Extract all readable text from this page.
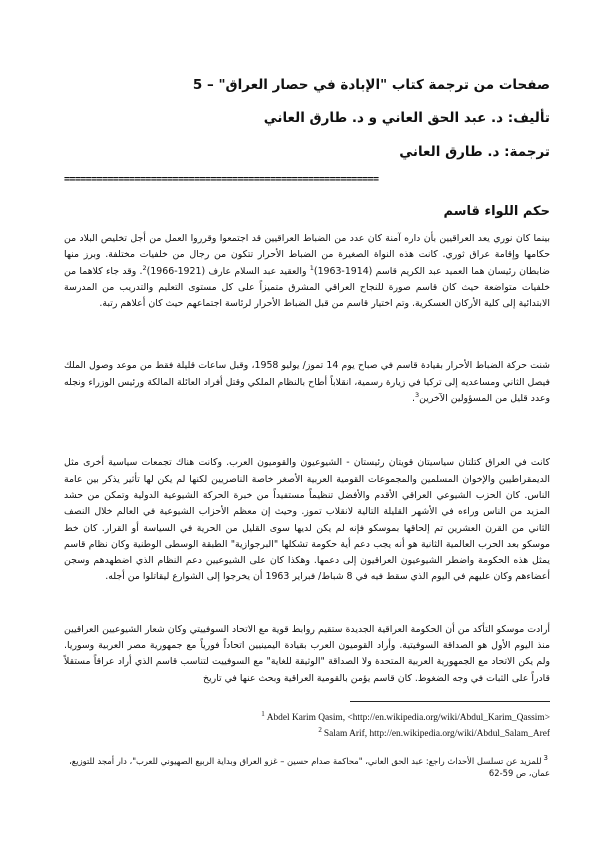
صفحات من ترجمة كتاب "الإبادة في حصار العراق" – 5
تأليف: د. عبد الحق العاني و د. طارق العاني
ترجمة: د. طارق العاني
==========================================================
حكم اللواء قاسم

بينما كان نوري يعد العراقيين بأن داره آمنة كان عدد من الضباط العراقيين قد اجتمعوا وقرروا العمل من أجل تخليص البلاد من حكامها وإقامة عراق ثوري. كانت هذه النواة الصغيرة من الضباط الأحرار تتكون من رجال من خلفيات مختلفة. وبرز منها ضابطان رئيسان هما العميد عبد الكريم قاسم (1914-1963)$^1$ والعقيد عبد السلام عارف (1921-1966)$^2$. وقد جاء كلاهما من خلفيات متواضعة حيث كان قاسم صورة للنجاح العراقي المشرق متميزاً على كل مستوى التعليم والتدريب من المدرسة الابتدائية إلى كلية الأركان العسكرية. وتم اختيار قاسم من قبل الضباط الأحرار لرئاسة اجتماعهم حيث كان أعلاهم رتبة.

شنت حركة الضباط الأحرار بقيادة قاسم في صباح يوم 14 تموز/ يوليو 1958، وقبل ساعات قليلة فقط من موعد وصول الملك فيصل الثاني ومساعديه إلى تركيا في زيارة رسمية، انقلاباً أطاح بالنظام الملكي وقتل أفراد العائلة المالكة ورئيس الوزراء ونجله وعدد قليل من المسؤولين الآخرين$^3$.

كانت في العراق كتلتان سياسيتان قويتان رئيستان - الشيوعيون والقوميون العرب. وكانت هناك تجمعات سياسية أخرى مثل الديمقراطيين والإخوان المسلمين والمجموعات القومية العربية الأصغر خاصة الناصريين لكنها لم يكن لها تأثير يذكر بين عامة الناس. كان الحزب الشيوعي العراقي الأقدم والأفضل تنظيماً مستفيداً من خبرة الحركة الشيوعية الدولية وتمكن من حشد المزيد من الناس وراءه في الأشهر القليلة التالية لانقلاب تموز. وحيث إن معظم الأحزاب الشيوعية في العالم خلال النصف الثاني من القرن العشرين تم إلحاقها بموسكو فإنه لم يكن لديها سوى القليل من الحرية في السياسة أو القرار. كان خط موسكو بعد الحرب العالمية الثانية هو أنه يجب دعم أية حكومة تشكلها "البرجوازية" الطبقة الوسطى الوطنية وكان نظام قاسم يمثل هذه الحكومة واضطر الشيوعيون العراقيون إلى دعمها. وهكذا كان على الشيوعيين دعم النظام الذي اضطهدهم وسجن أعضاءهم وكان عليهم في اليوم الذي سقط فيه في 8 شباط/ فبراير 1963 أن يخرجوا إلى الشوارع ليقاتلوا من أجله.

أرادت موسكو التأكد من أن الحكومة العراقية الجديدة ستقيم روابط قوية مع الاتحاد السوفييتي وكان شعار الشيوعيين العراقيين منذ اليوم الأول هو الصداقة السوفيتية. وأراد القوميون العرب بقيادة اليمينيين اتحاداً فورياً مع جمهورية مصر العربية وسوريا. ولم يكن الاتحاد مع الجمهورية العربية المتحدة ولا الصداقة "الوثيقة للغاية" مع السوفييت لتناسب قاسم الذي أراد عراقاً مستقلاً قادراً على الثبات في وجه الضغوط. كان قاسم يؤمن بالقومية العراقية وبحث عنها في تاريخ

Abdel Karim Qasim, <http://en.wikipedia.org/wiki/Abdul_Karim_Qassim>$^1$
Salam Arif, http://en.wikipedia.org/wiki/Abdul_Salam_Aref$^2$
$^3$للمزيد عن تسلسل الأحداث راجع: عبد الحق العاني، "محاكمة صدام حسين – غزو العراق وبداية الربيع الصهيوني للعرب"، دار أمجد للتوزيع، عمان، ص 59-62
